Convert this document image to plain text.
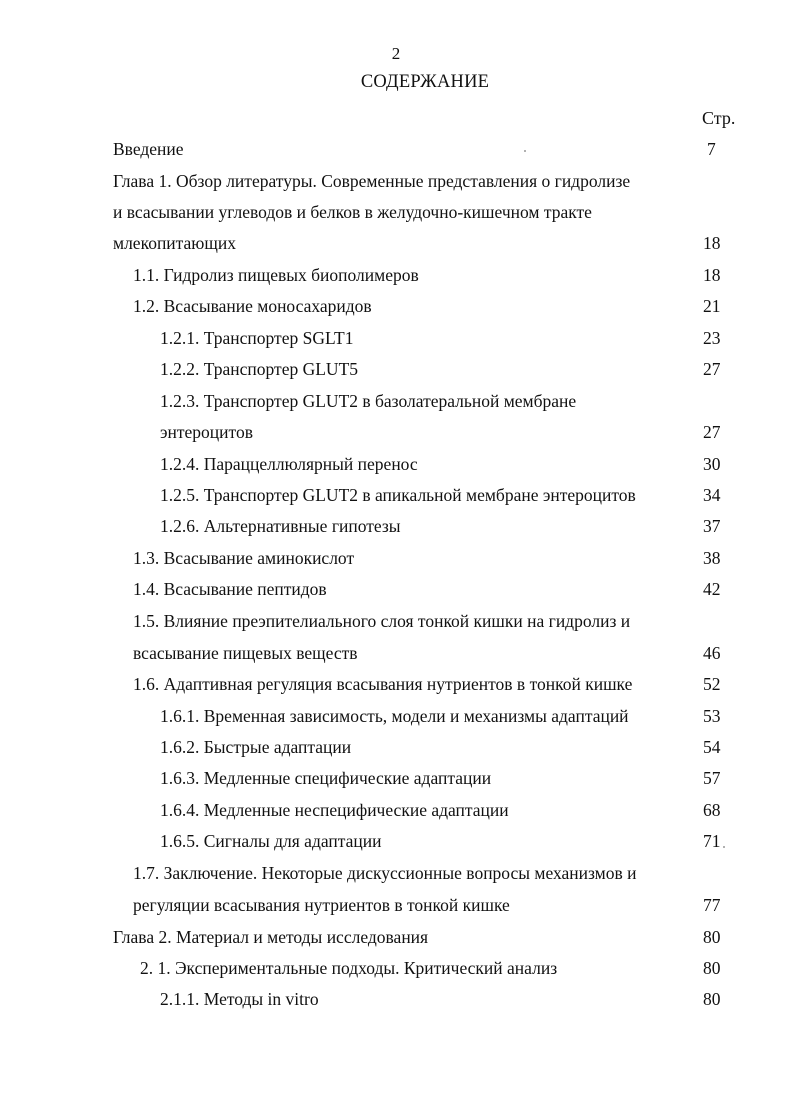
2
СОДЕРЖАНИЕ
Стр.
Введение	7
Глава 1. Обзор литературы. Современные представления о гидролизе
и всасывании углеводов и белков в желудочно-кишечном тракте
млекопитающих	18
1.1. Гидролиз пищевых биополимеров	18
1.2. Всасывание моносахаридов	21
1.2.1. Транспортер SGLT1	23
1.2.2. Транспортер GLUT5	27
1.2.3. Транспортер GLUT2 в базолатеральной мембране
энтероцитов	27
1.2.4. Параццеллюлярный перенос	30
1.2.5. Транспортер GLUT2 в апикальной мембране энтероцитов	34
1.2.6. Альтернативные гипотезы	37
1.3. Всасывание аминокислот	38
1.4. Всасывание пептидов	42
1.5. Влияние преэпителиального слоя тонкой кишки на гидролиз и
всасывание пищевых веществ	46
1.6. Адаптивная регуляция всасывания нутриентов в тонкой кишке	52
1.6.1. Временная зависимость, модели и механизмы адаптаций	53
1.6.2. Быстрые адаптации	54
1.6.3. Медленные специфические адаптации	57
1.6.4. Медленные неспецифические адаптации	68
1.6.5. Сигналы для адаптации	71
1.7. Заключение. Некоторые дискуссионные вопросы механизмов и
регуляции всасывания нутриентов в тонкой кишке	77
Глава 2. Материал и методы исследования	80
2. 1. Экспериментальные подходы. Критический анализ	80
2.1.1. Методы in vitro	80
